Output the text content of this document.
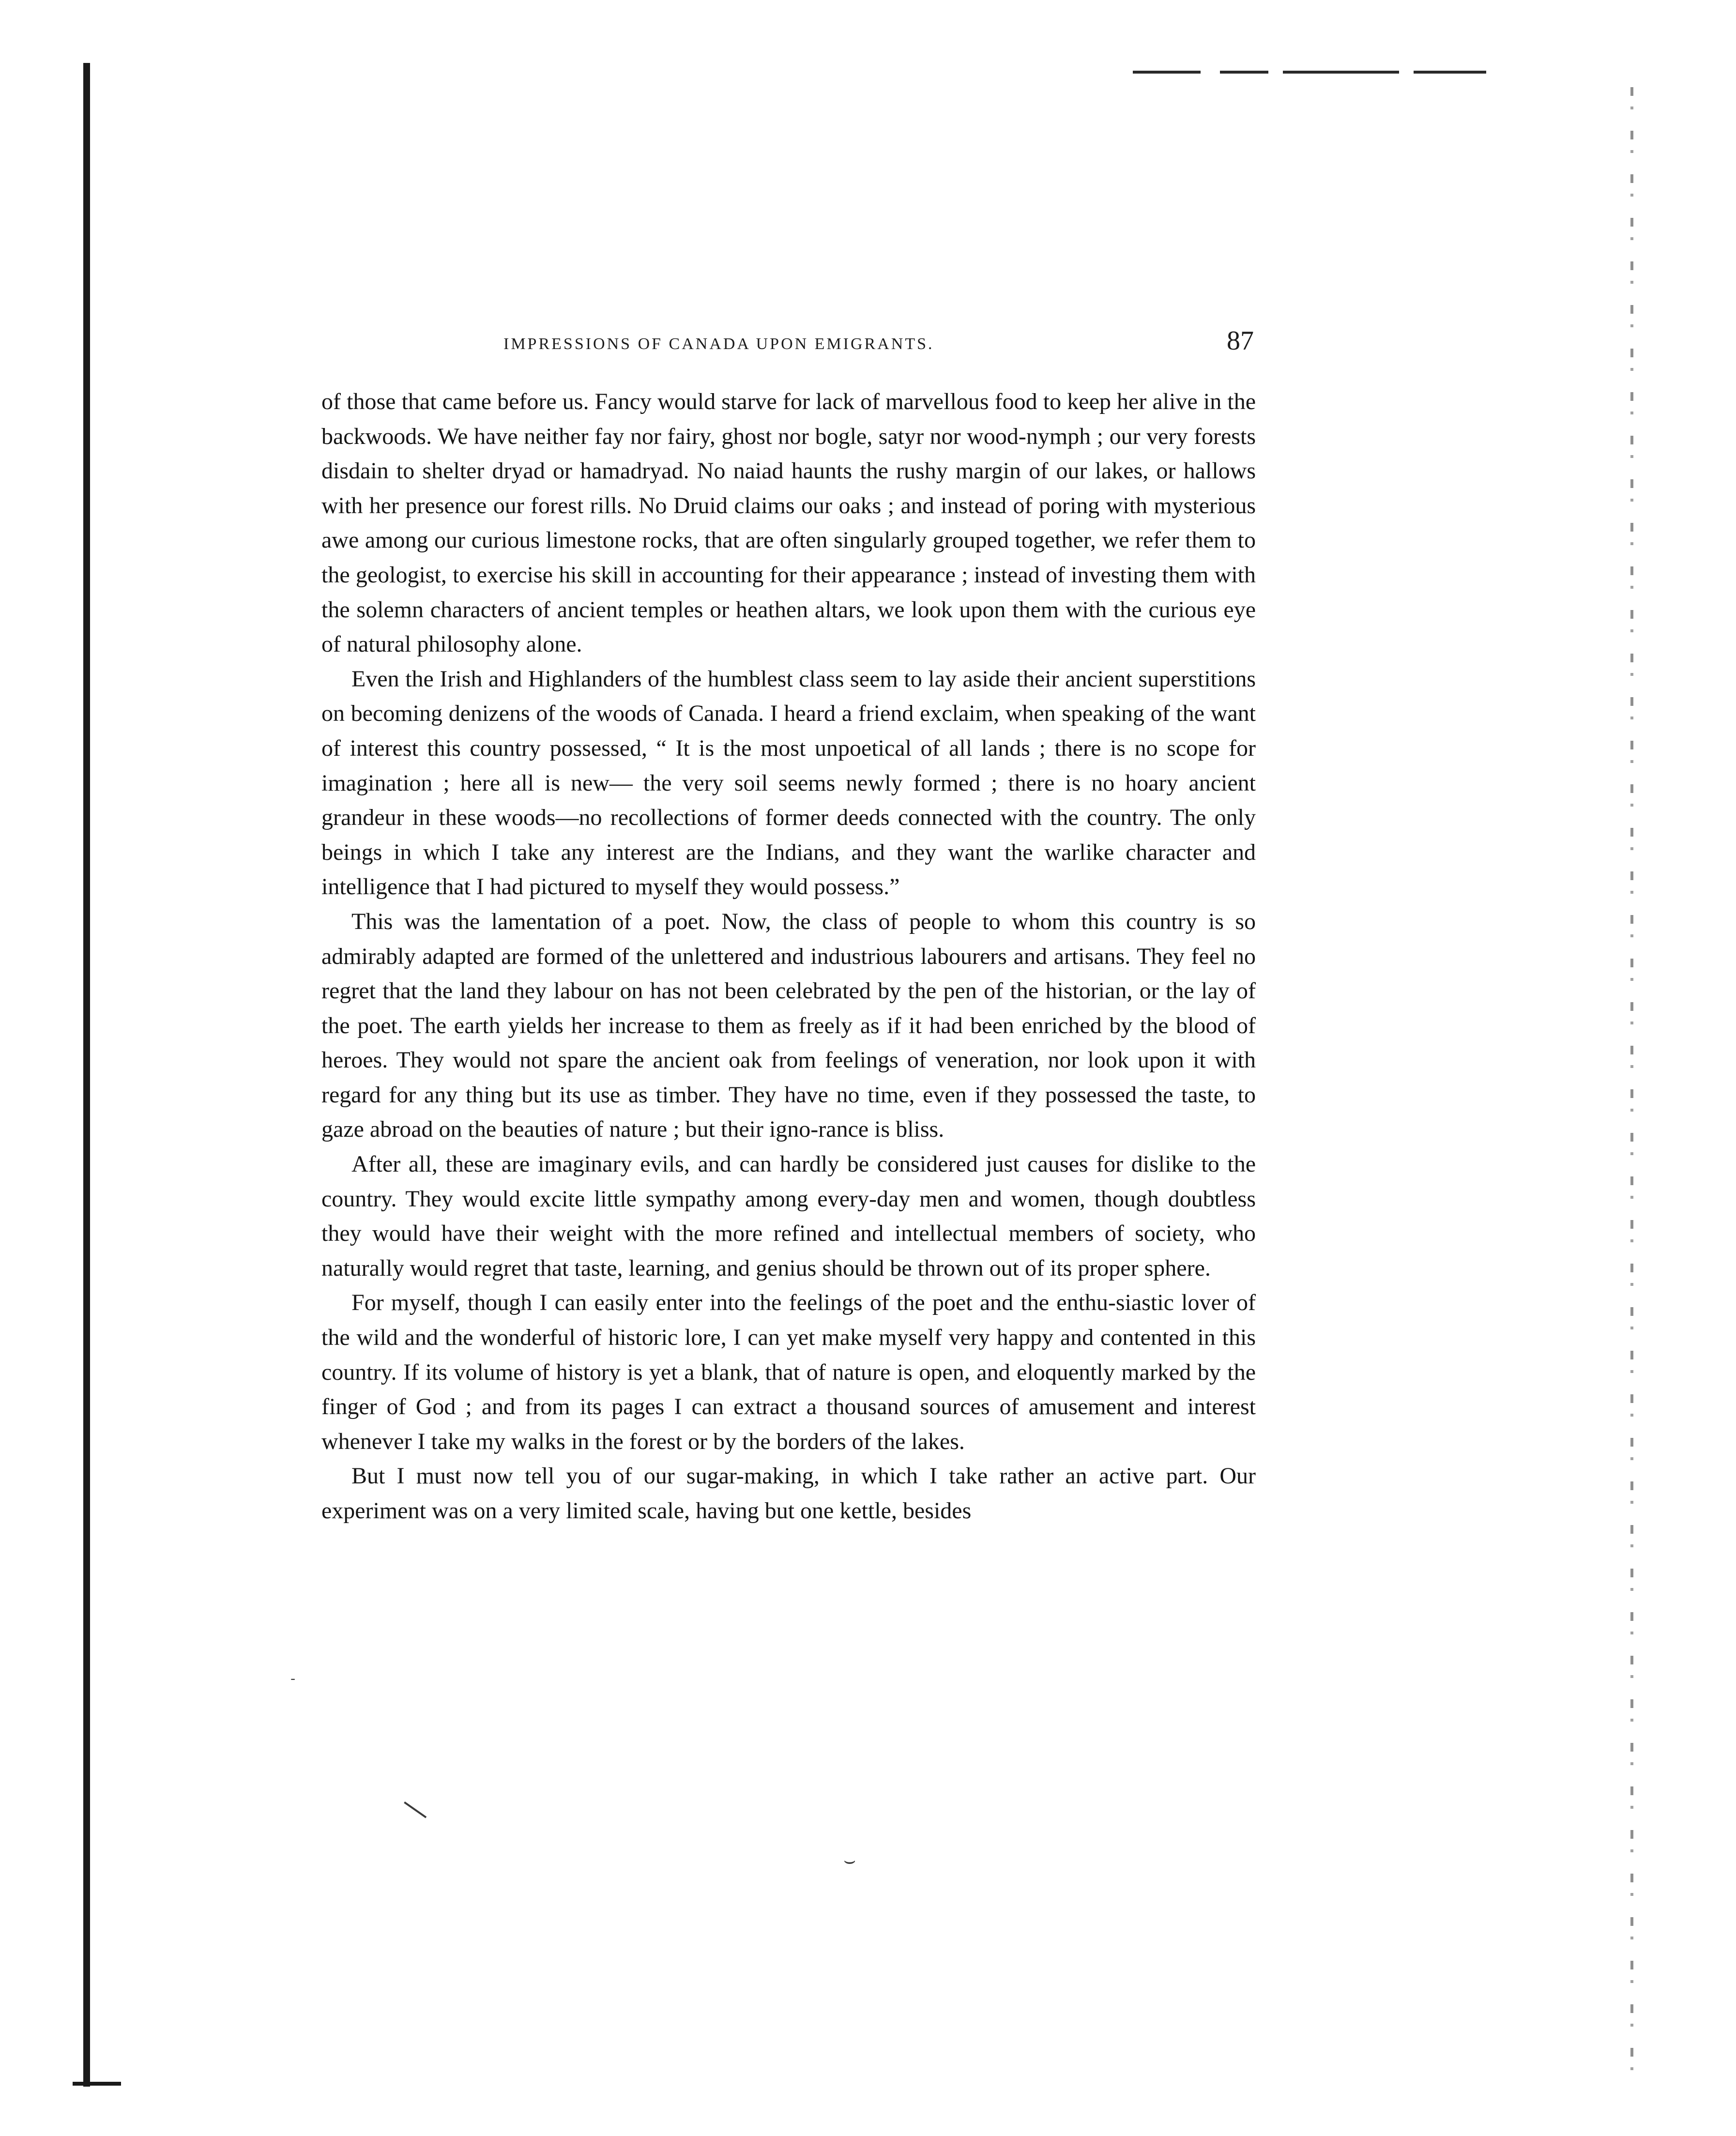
IMPRESSIONS OF CANADA UPON EMIGRANTS.	87

of those that came before us. Fancy would starve for lack of marvellous food to keep her alive in the backwoods. We have neither fay nor fairy, ghost nor bogle, satyr nor wood-nymph ; our very forests disdain to shelter dryad or hamadryad. No naiad haunts the rushy margin of our lakes, or hallows with her presence our forest rills. No Druid claims our oaks ; and instead of poring with mysterious awe among our curious limestone rocks, that are often singularly grouped together, we refer them to the geologist, to exercise his skill in accounting for their appearance ; instead of investing them with the solemn characters of ancient temples or heathen altars, we look upon them with the curious eye of natural philosophy alone.

Even the Irish and Highlanders of the humblest class seem to lay aside their ancient superstitions on becoming denizens of the woods of Canada. I heard a friend exclaim, when speaking of the want of interest this country possessed, “ It is the most unpoetical of all lands ; there is no scope for imagination ; here all is new— the very soil seems newly formed ; there is no hoary ancient grandeur in these woods—no recollections of former deeds connected with the country. The only beings in which I take any interest are the Indians, and they want the warlike character and intelligence that I had pictured to myself they would possess.”

This was the lamentation of a poet. Now, the class of people to whom this country is so admirably adapted are formed of the unlettered and industrious labourers and artisans. They feel no regret that the land they labour on has not been celebrated by the pen of the historian, or the lay of the poet. The earth yields her increase to them as freely as if it had been enriched by the blood of heroes. They would not spare the ancient oak from feelings of veneration, nor look upon it with regard for any thing but its use as timber. They have no time, even if they possessed the taste, to gaze abroad on the beauties of nature ; but their igno-rance is bliss.

After all, these are imaginary evils, and can hardly be considered just causes for dislike to the country. They would excite little sympathy among every-day men and women, though doubtless they would have their weight with the more refined and intellectual members of society, who naturally would regret that taste, learning, and genius should be thrown out of its proper sphere.

For myself, though I can easily enter into the feelings of the poet and the enthu-siastic lover of the wild and the wonderful of historic lore, I can yet make myself very happy and contented in this country. If its volume of history is yet a blank, that of nature is open, and eloquently marked by the finger of God ; and from its pages I can extract a thousand sources of amusement and interest whenever I take my walks in the forest or by the borders of the lakes.

But I must now tell you of our sugar-making, in which I take rather an active part. Our experiment was on a very limited scale, having but one kettle, besides

⌣
—
-
